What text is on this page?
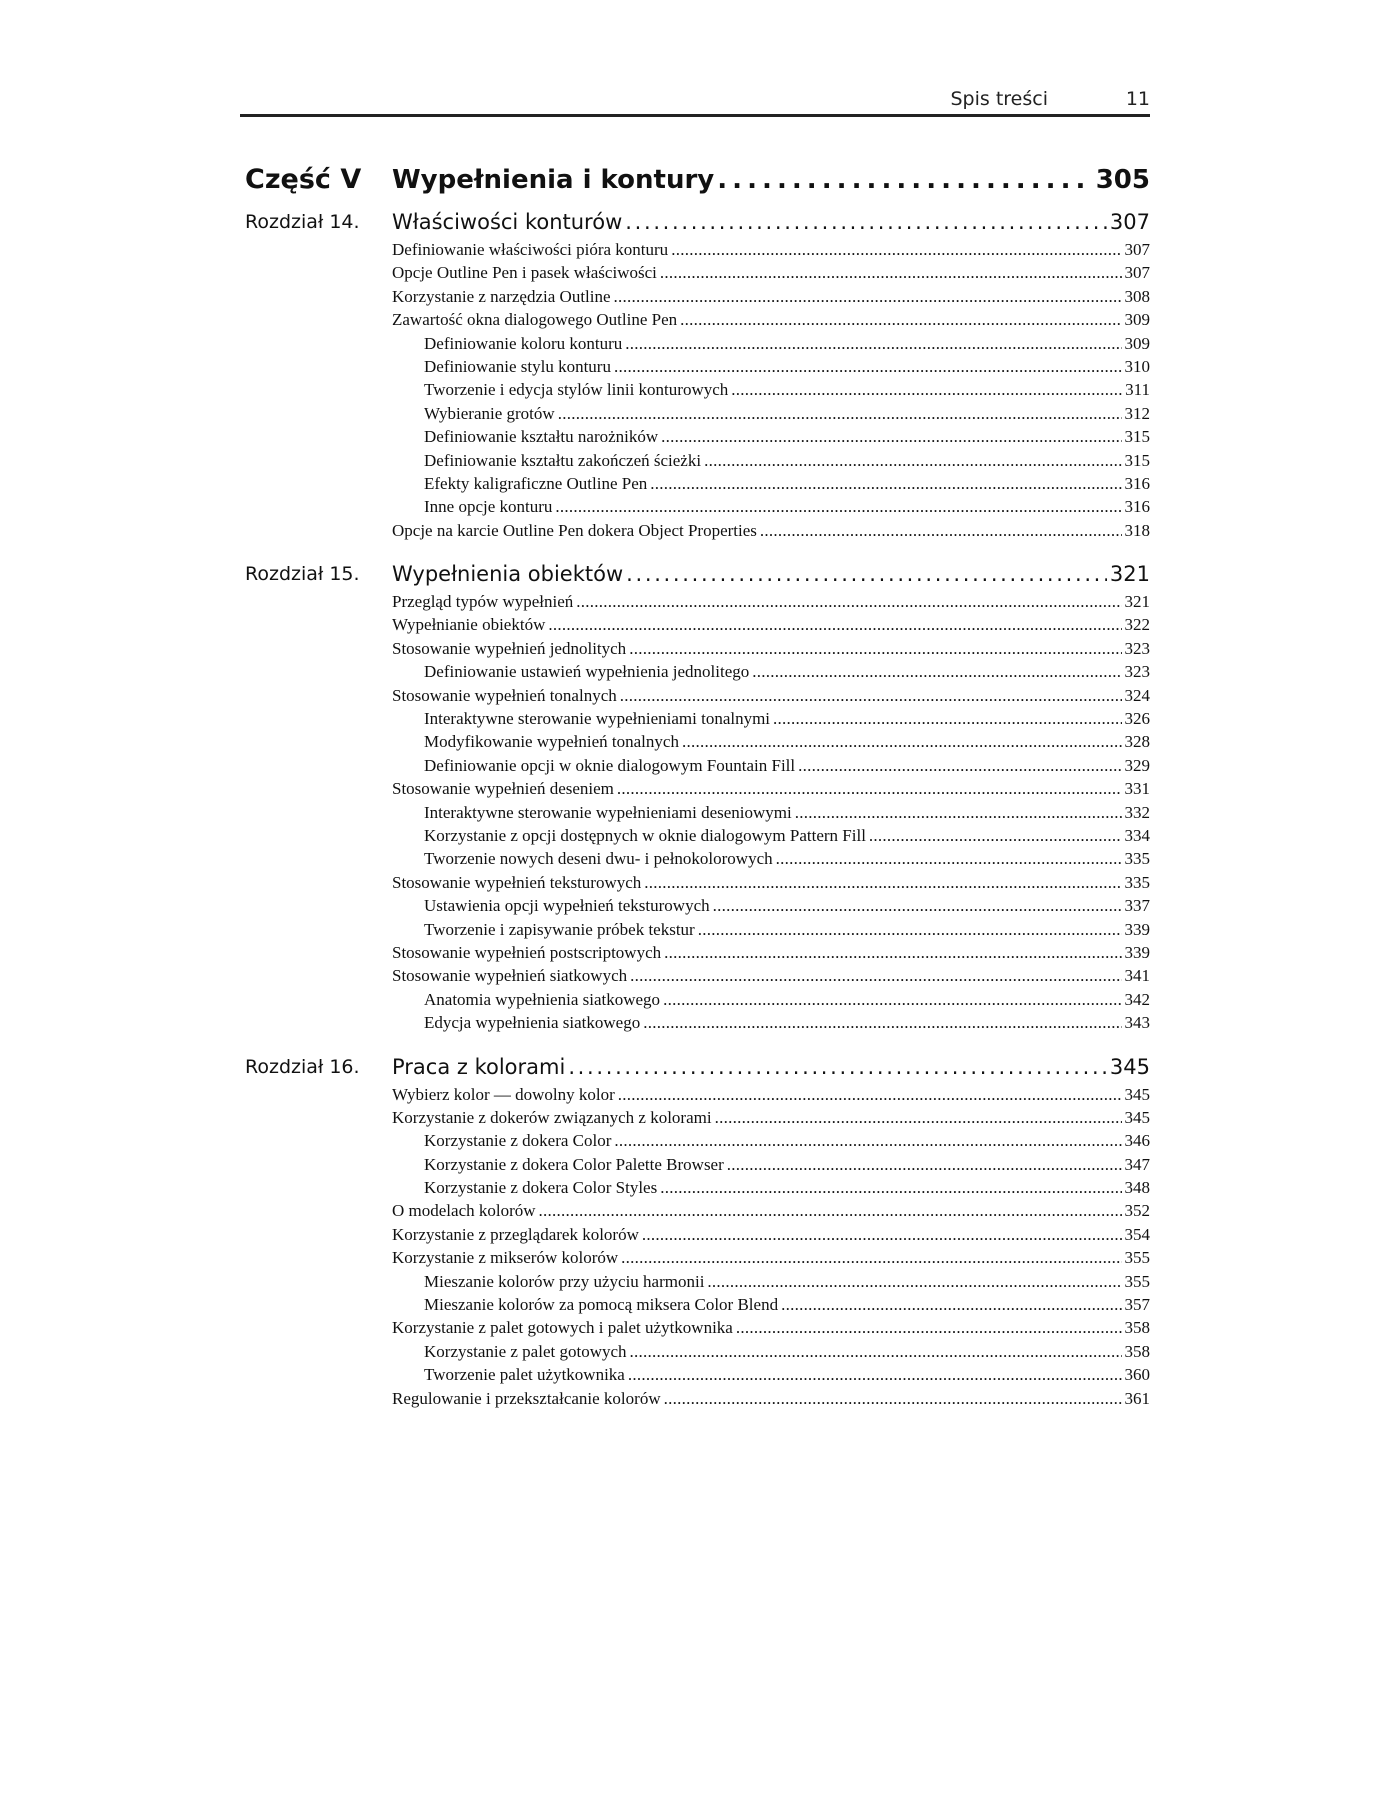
Spis treści	11
Część V Wypełnienia i kontury . . .	305
Rozdział 14. Właściwości konturów . . .	307
Definiowanie właściwości pióra konturu . . .	307
Opcje Outline Pen i pasek właściwości . . .	307
Korzystanie z narzędzia Outline . . .	308
Zawartość okna dialogowego Outline Pen . . .	309
Definiowanie koloru konturu . . .	309
Definiowanie stylu konturu . . .	310
Tworzenie i edycja stylów linii konturowych . . .	311
Wybieranie grotów . . .	312
Definiowanie kształtu narożników . . .	315
Definiowanie kształtu zakończeń ścieżki . . .	315
Efekty kaligraficzne Outline Pen . . .	316
Inne opcje konturu . . .	316
Opcje na karcie Outline Pen dokera Object Properties . . .	318
Rozdział 15. Wypełnienia obiektów . . .	321
Przegląd typów wypełnień . . .	321
Wypełnianie obiektów . . .	322
Stosowanie wypełnień jednolitych . . .	323
Definiowanie ustawień wypełnienia jednolitego . . .	323
Stosowanie wypełnień tonalnych . . .	324
Interaktywne sterowanie wypełnieniami tonalnymi . . .	326
Modyfikowanie wypełnień tonalnych . . .	328
Definiowanie opcji w oknie dialogowym Fountain Fill . . .	329
Stosowanie wypełnień deseniem . . .	331
Interaktywne sterowanie wypełnieniami deseniowymi . . .	332
Korzystanie z opcji dostępnych w oknie dialogowym Pattern Fill . . .	334
Tworzenie nowych deseni dwu- i pełnokolorowych . . .	335
Stosowanie wypełnień teksturowych . . .	335
Ustawienia opcji wypełnień teksturowych . . .	337
Tworzenie i zapisywanie próbek tekstur . . .	339
Stosowanie wypełnień postscriptowych . . .	339
Stosowanie wypełnień siatkowych . . .	341
Anatomia wypełnienia siatkowego . . .	342
Edycja wypełnienia siatkowego . . .	343
Rozdział 16. Praca z kolorami . . .	345
Wybierz kolor — dowolny kolor . . .	345
Korzystanie z dokerów związanych z kolorami . . .	345
Korzystanie z dokera Color . . .	346
Korzystanie z dokera Color Palette Browser . . .	347
Korzystanie z dokera Color Styles . . .	348
O modelach kolorów . . .	352
Korzystanie z przeglądarek kolorów . . .	354
Korzystanie z mikserów kolorów . . .	355
Mieszanie kolorów przy użyciu harmonii . . .	355
Mieszanie kolorów za pomocą miksera Color Blend . . .	357
Korzystanie z palet gotowych i palet użytkownika . . .	358
Korzystanie z palet gotowych . . .	358
Tworzenie palet użytkownika . . .	360
Regulowanie i przekształcanie kolorów . . .	361
